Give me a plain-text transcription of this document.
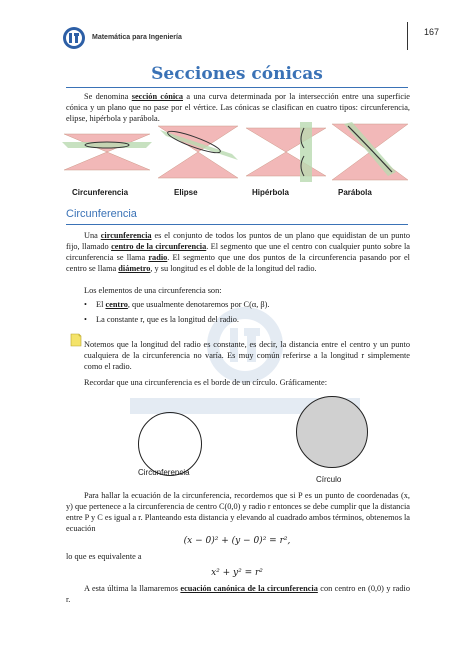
Matemática para Ingeniería
167
Secciones cónicas
Se denomina sección cónica a una curva determinada por la intersección entre una superficie cónica y un plano que no pase por el vértice. Las cónicas se clasifican en cuatro tipos: circunferencia, elipse, hipérbola y parábola.
Circunferencia	Elipse	Hipérbola	Parábola
Circunferencia
Una circunferencia es el conjunto de todos los puntos de un plano que equidistan de un punto fijo, llamado centro de la circunferencia. El segmento que une el centro con cualquier punto sobre la circunferencia se llama radio. El segmento que une dos puntos de la circunferencia pasando por el centro se llama diámetro, y su longitud es el doble de la longitud del radio.
Los elementos de una circunferencia son:
• El centro, que usualmente denotaremos por C(α, β).
• La constante r, que es la longitud del radio.
Notemos que la longitud del radio es constante, es decir, la distancia entre el centro y un punto cualquiera de la circunferencia no varía. Es muy común referirse a la longitud r simplemente como el radio.
Recordar que una circunferencia es el borde de un círculo. Gráficamente:
Circunferencia
Círculo
Para hallar la ecuación de la circunferencia, recordemos que si P es un punto de coordenadas (x, y) que pertenece a la circunferencia de centro C(0,0) y radio r entonces se debe cumplir que la distancia entre P y C es igual a r. Planteando esta distancia y elevando al cuadrado ambos términos, obtenemos la ecuación
(x − 0)² + (y − 0)² = r²,
lo que es equivalente a
x² + y² = r²
A esta última la llamaremos ecuación canónica de la circunferencia con centro en (0,0) y radio r.
